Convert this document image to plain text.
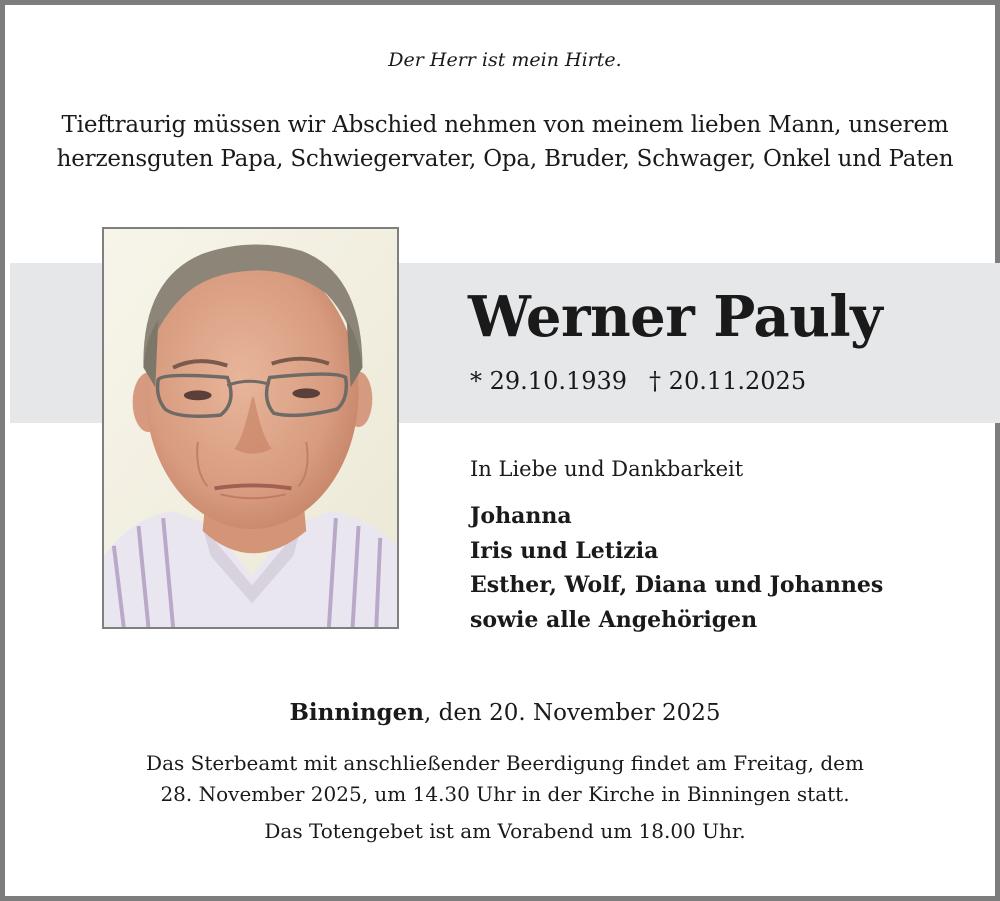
Der Herr ist mein Hirte.
Tieftraurig müssen wir Abschied nehmen von meinem lieben Mann, unserem
herzensguten Papa, Schwiegervater, Opa, Bruder, Schwager, Onkel und Paten
Werner Pauly
* 29.10.1939 † 20.11.2025
In Liebe und Dankbarkeit
Johanna
Iris und Letizia
Esther, Wolf, Diana und Johannes
sowie alle Angehörigen
Binningen, den 20. November 2025
Das Sterbeamt mit anschließender Beerdigung findet am Freitag, dem
28. November 2025, um 14.30 Uhr in der Kirche in Binningen statt.
Das Totengebet ist am Vorabend um 18.00 Uhr.
